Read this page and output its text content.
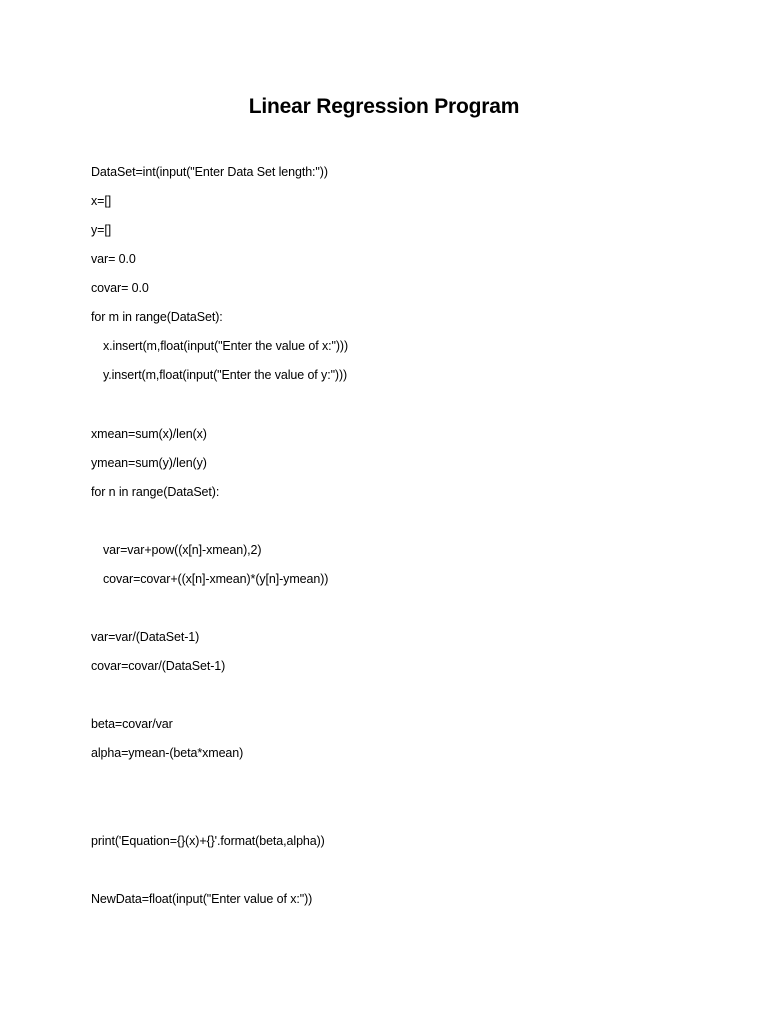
Linear Regression Program
DataSet=int(input("Enter Data Set length:"))
x=[]
y=[]
var= 0.0
covar= 0.0
for m in range(DataSet):
x.insert(m,float(input("Enter the value of x:")))
y.insert(m,float(input("Enter the value of y:")))
xmean=sum(x)/len(x)
ymean=sum(y)/len(y)
for n in range(DataSet):
var=var+pow((x[n]-xmean),2)
covar=covar+((x[n]-xmean)*(y[n]-ymean))
var=var/(DataSet-1)
covar=covar/(DataSet-1)
beta=covar/var
alpha=ymean-(beta*xmean)
print('Equation={}(x)+{}'.format(beta,alpha))
NewData=float(input("Enter value of x:"))
